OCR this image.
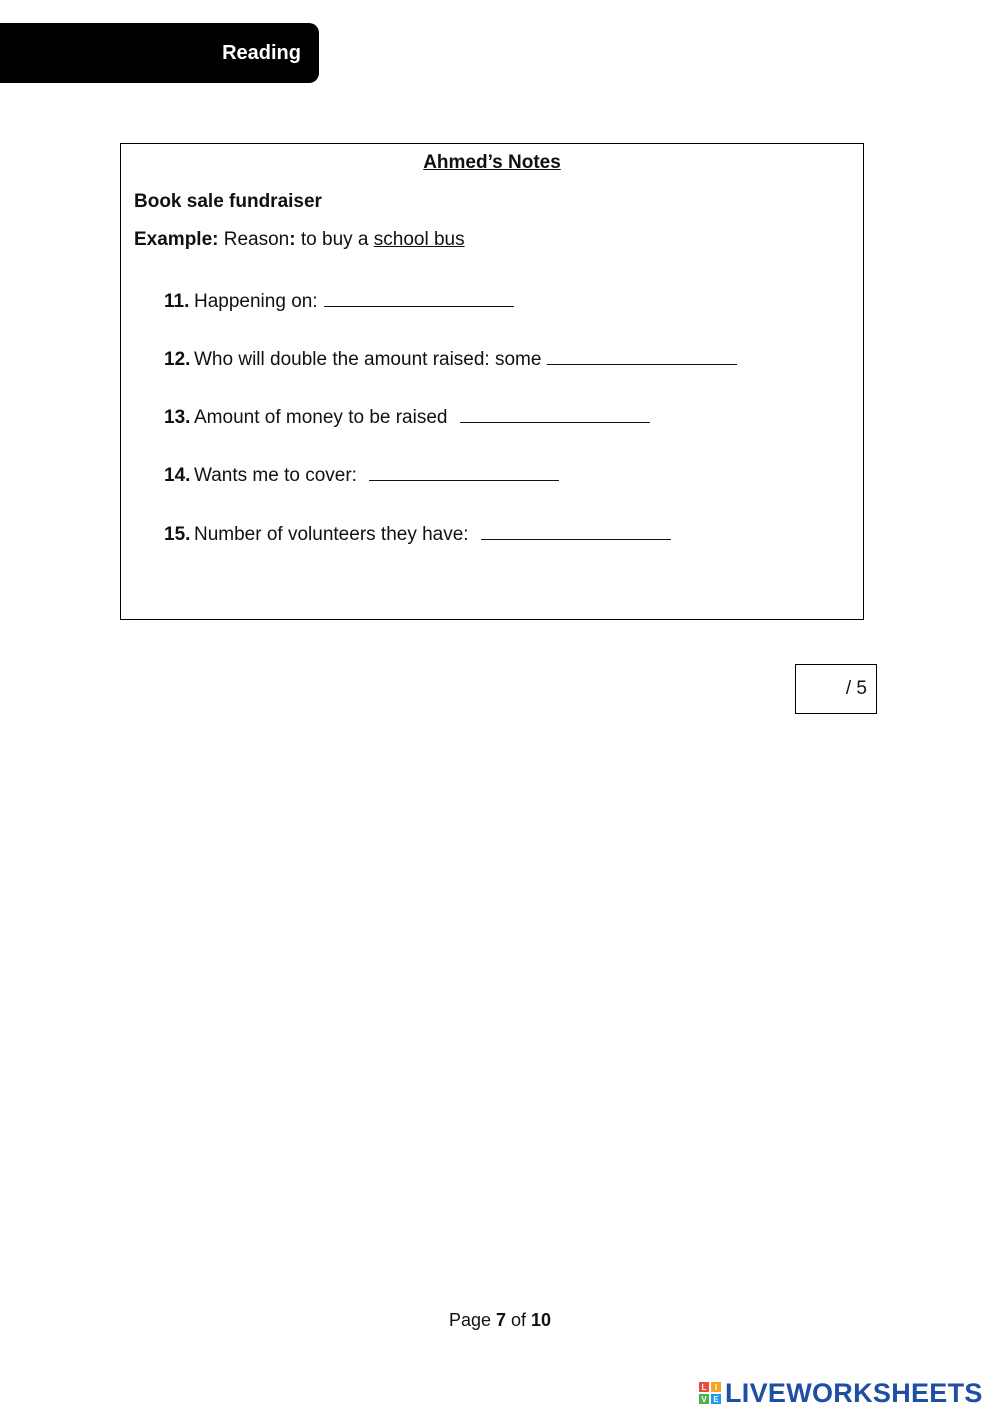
Reading
Ahmed’s Notes
Book sale fundraiser
Example: Reason: to buy a school bus
11. Happening on:
12. Who will double the amount raised: some
13. Amount of money to be raised
14. Wants me to cover:
15. Number of volunteers they have:
/ 5
Page 7 of 10
L	I
V E LIVEWORKSHEETS
